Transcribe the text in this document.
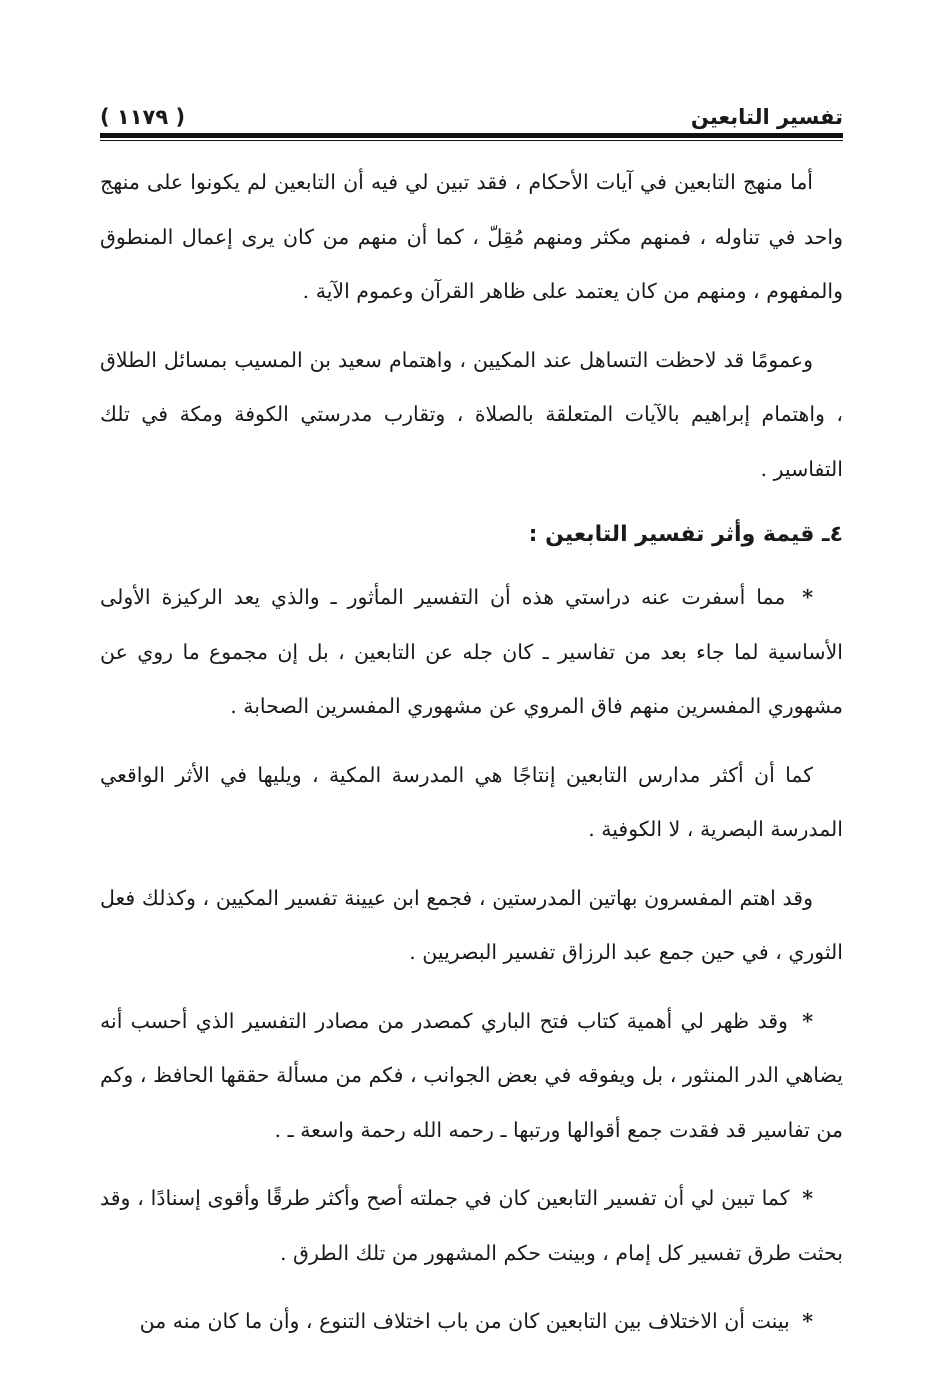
تفسير التابعين
( ١١٧٩ )

أما منهج التابعين في آيات الأحكام ، فقد تبين لي فيه أن التابعين لم يكونوا على منهج واحد في تناوله ، فمنهم مكثر ومنهم مُقِلّ ، كما أن منهم من كان يرى إعمال المنطوق والمفهوم ، ومنهم من كان يعتمد على ظاهر القرآن وعموم الآية .

وعمومًا قد لاحظت التساهل عند المكيين ، واهتمام سعيد بن المسيب بمسائل الطلاق ، واهتمام إبراهيم بالآيات المتعلقة بالصلاة ، وتقارب مدرستي الكوفة ومكة في تلك التفاسير .

٤ـ قيمة وأثر تفسير التابعين :

* مما أسفرت عنه دراستي هذه أن التفسير المأثور ـ والذي يعد الركيزة الأولى الأساسية لما جاء بعد من تفاسير ـ كان جله عن التابعين ، بل إن مجموع ما روي عن مشهوري المفسرين منهم فاق المروي عن مشهوري المفسرين الصحابة .

كما أن أكثر مدارس التابعين إنتاجًا هي المدرسة المكية ، ويليها في الأثر الواقعي المدرسة البصرية ، لا الكوفية .

وقد اهتم المفسرون بهاتين المدرستين ، فجمع ابن عيينة تفسير المكيين ، وكذلك فعل الثوري ، في حين جمع عبد الرزاق تفسير البصريين .

* وقد ظهر لي أهمية كتاب فتح الباري كمصدر من مصادر التفسير الذي أحسب أنه يضاهي الدر المنثور ، بل ويفوقه في بعض الجوانب ، فكم من مسألة حققها الحافظ ، وكم من تفاسير قد فقدت جمع أقوالها ورتبها ـ رحمه الله رحمة واسعة ـ .

* كما تبين لي أن تفسير التابعين كان في جملته أصح وأكثر طرقًا وأقوى إسنادًا ، وقد بحثت طرق تفسير كل إمام ، وبينت حكم المشهور من تلك الطرق .

* بينت أن الاختلاف بين التابعين كان من باب اختلاف التنوع ، وأن ما كان منه من
